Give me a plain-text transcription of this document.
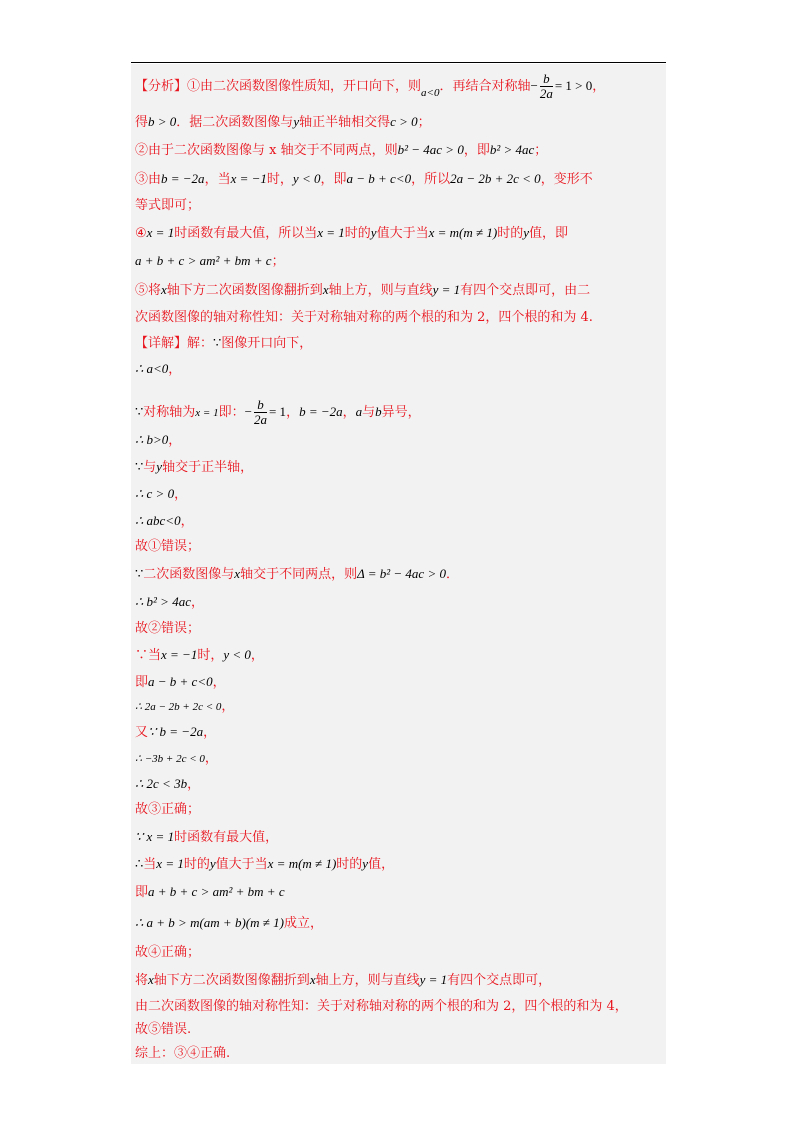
【分析】①由二次函数图像性质知，开口向下，则$_{a<0}$．再结合对称轴− $\frac{b}{2a} = 1 > 0$，
得b > 0．据二次函数图像与y轴正半轴相交得c > 0；
②由于二次函数图像与 x 轴交于不同两点，则b² − 4ac > 0，即b² > 4ac；
③由b = −2a，当x = −1时，y < 0，即a − b + c<0，所以2a − 2b + 2c < 0，变形不
等式即可；
④x = 1时函数有最大值，所以当x = 1时的y值大于当x = m(m ≠ 1)时的y值，即
a + b + c > am² + bm + c；
⑤将x轴下方二次函数图像翻折到x轴上方，则与直线y = 1有四个交点即可，由二
次函数图像的轴对称性知：关于对称轴对称的两个根的和为 2，四个根的和为 4.
【详解】解：∵图像开口向下，
∴ a<0，
∵对称轴为x = 1即：− $\frac{b}{2a} = 1$，b = −2a，a与b异号，
∴ b>0，
∵与y轴交于正半轴，
∴ c > 0，
∴ abc<0，
故①错误；
∵二次函数图像与x轴交于不同两点，则Δ = b² − 4ac > 0．
∴ b² > 4ac，
故②错误；
∵当x = −1时，y < 0，
即a − b + c<0，
∴ 2a − 2b + 2c < 0，
又∵ b = −2a，
∴ −3b + 2c < 0，
∴ 2c < 3b，
故③正确；
∵ x = 1时函数有最大值，
∴当x = 1时的y值大于当x = m(m ≠ 1)时的y值，
即a + b + c > am² + bm + c
∴ a + b > m(am + b)(m ≠ 1)成立，
故④正确；
将x轴下方二次函数图像翻折到x轴上方，则与直线y = 1有四个交点即可，
由二次函数图像的轴对称性知：关于对称轴对称的两个根的和为 2，四个根的和为 4，
故⑤错误.
综上：③④正确.
